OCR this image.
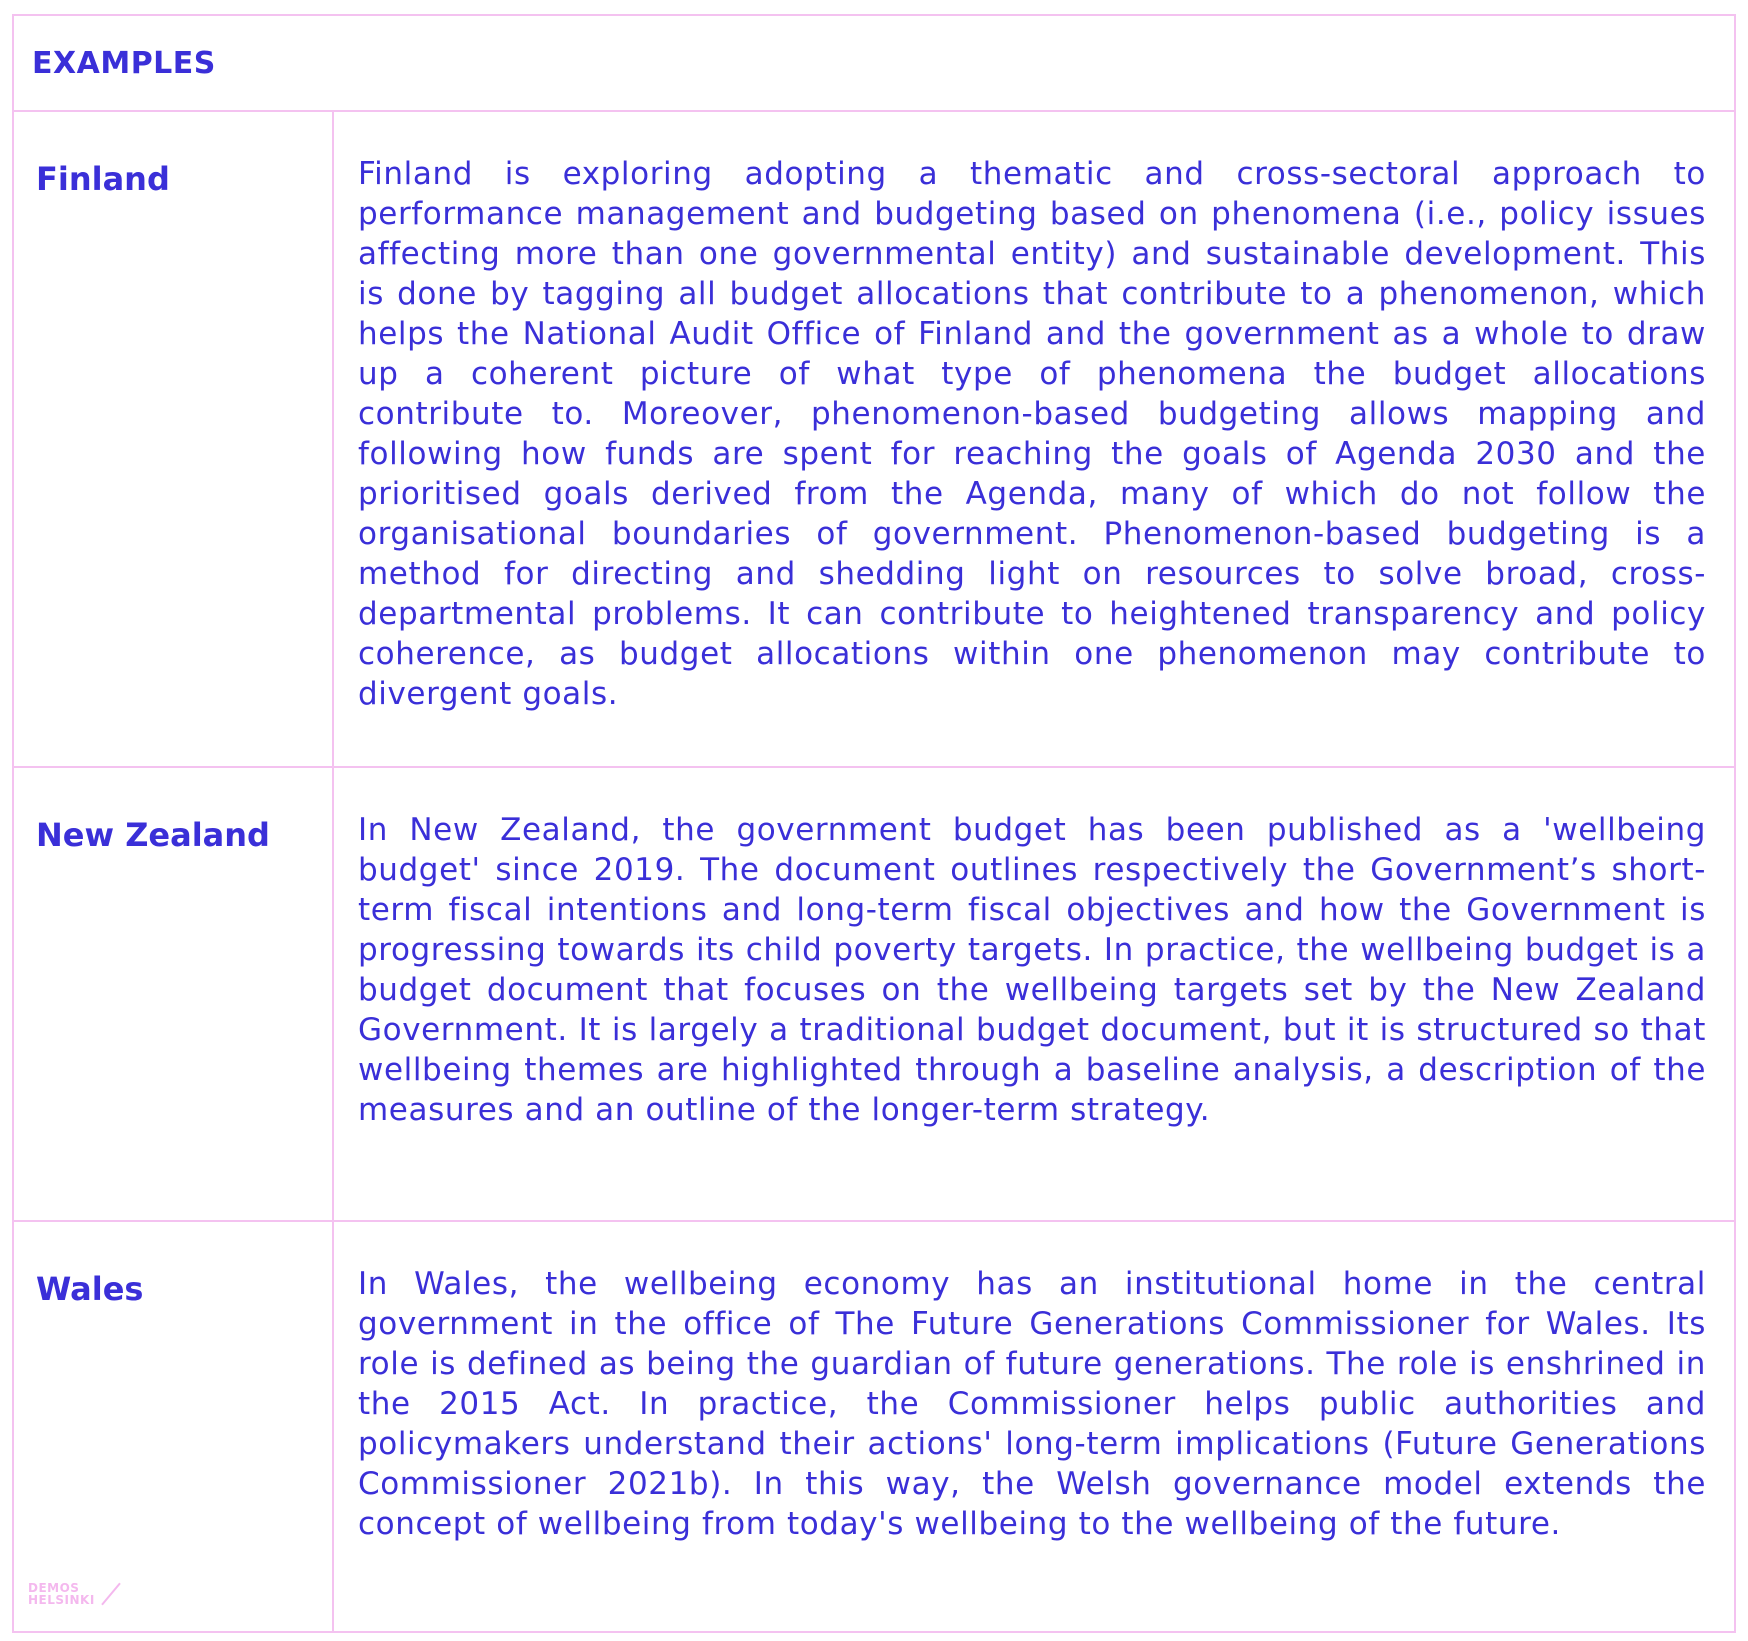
EXAMPLES
Finland	Finland is exploring adopting a thematic and cross-sectoral approach to performance management and budgeting based on phenomena (i.e., policy issues affecting more than one governmental entity) and sustainable development. This is done by tagging all budget allocations that contribute to a phenomenon, which helps the National Audit Office of Finland and the government as a whole to draw up a coherent picture of what type of phenomena the budget allocations contribute to. Moreover, phenomenon-based budgeting allows mapping and following how funds are spent for reaching the goals of Agenda 2030 and the prioritised goals derived from the Agenda, many of which do not follow the organisational boundaries of government. Phenomenon-based budgeting is a method for directing and shedding light on resources to solve broad, cross-departmental problems. It can contribute to heightened transparency and policy coherence, as budget allocations within one phenomenon may contribute to divergent goals.
New Zealand	In New Zealand, the government budget has been published as a 'wellbeing budget' since 2019. The document outlines respectively the Government’s short-term fiscal intentions and long-term fiscal objectives and how the Government is progressing towards its child poverty targets. In practice, the wellbeing budget is a budget document that focuses on the wellbeing targets set by the New Zealand Government. It is largely a traditional budget document, but it is structured so that wellbeing themes are highlighted through a baseline analysis, a description of the measures and an outline of the longer-term strategy.
Wales	In Wales, the wellbeing economy has an institutional home in the central government in the office of The Future Generations Commissioner for Wales. Its role is defined as being the guardian of future generations. The role is enshrined in the 2015 Act. In practice, the Commissioner helps public authorities and policymakers understand their actions' long-term implications (Future Generations Commissioner 2021b). In this way, the Welsh governance model extends the concept of wellbeing from today's wellbeing to the wellbeing of the future.
DEMOS
HELSINKI
